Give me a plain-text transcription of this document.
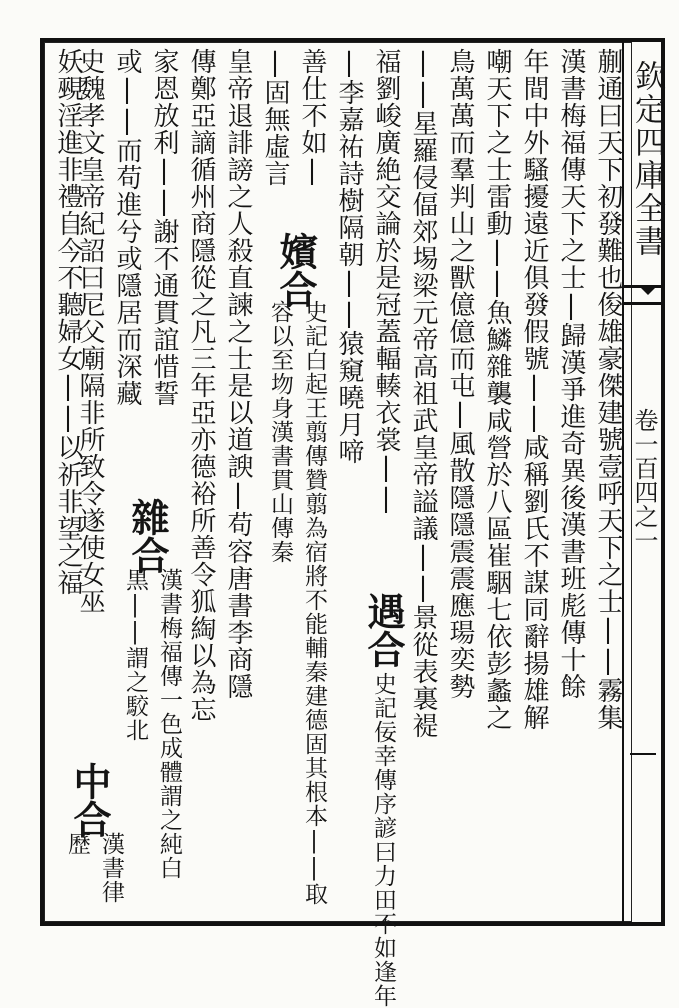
欽定四庫全書
卷一百四之一
蒯通曰天下初發難也俊雄豪傑建號壹呼天下之士||霧集
漢書梅福傳天下之士|歸漢爭進奇異後漢書班彪傳十餘
年間中外騷擾遠近俱發假號||咸稱劉氏不謀同辭揚雄解
嘲天下之士雷動||魚鱗雜襲咸營於八區崔駰七依彭蠡之
鳥萬萬而羣判山之獸億億而屯|風散隱隱震震應瑒奕勢
||星羅侵偪郊埸梁元帝高祖武皇帝謚議||景從表裏褆
福劉峻廣絶交論於是冠蓋輻輳衣裳||
遇合
史記佞幸傳序諺曰力田不如逢年
|李嘉祐詩樹隔朝||猿窺曉月啼
善仕不如|
|固無虛言
嬪合
史記白起王翦傳贊翦為宿將不能輔秦建德固其根本||取容以至圽身漢書貫山傳秦
皇帝退誹謗之人殺直諫之士是以道諛|苟容唐書李商隱
傳鄭亞謫循州商隱從之凡三年亞亦德裕所善令狐綯以為忘
家恩放利||謝不通貫誼惜誓
或||而苟進兮或隱居而深藏
雜合
漢書梅福傳一色成體謂之純白黒||謂之駮北
史魏孝文皇帝紀詔曰尼父廟隔非所致令遂使女巫
妖覡淫進非禮自今不聽婦女||以祈非望之福
中合
漢書律歷
